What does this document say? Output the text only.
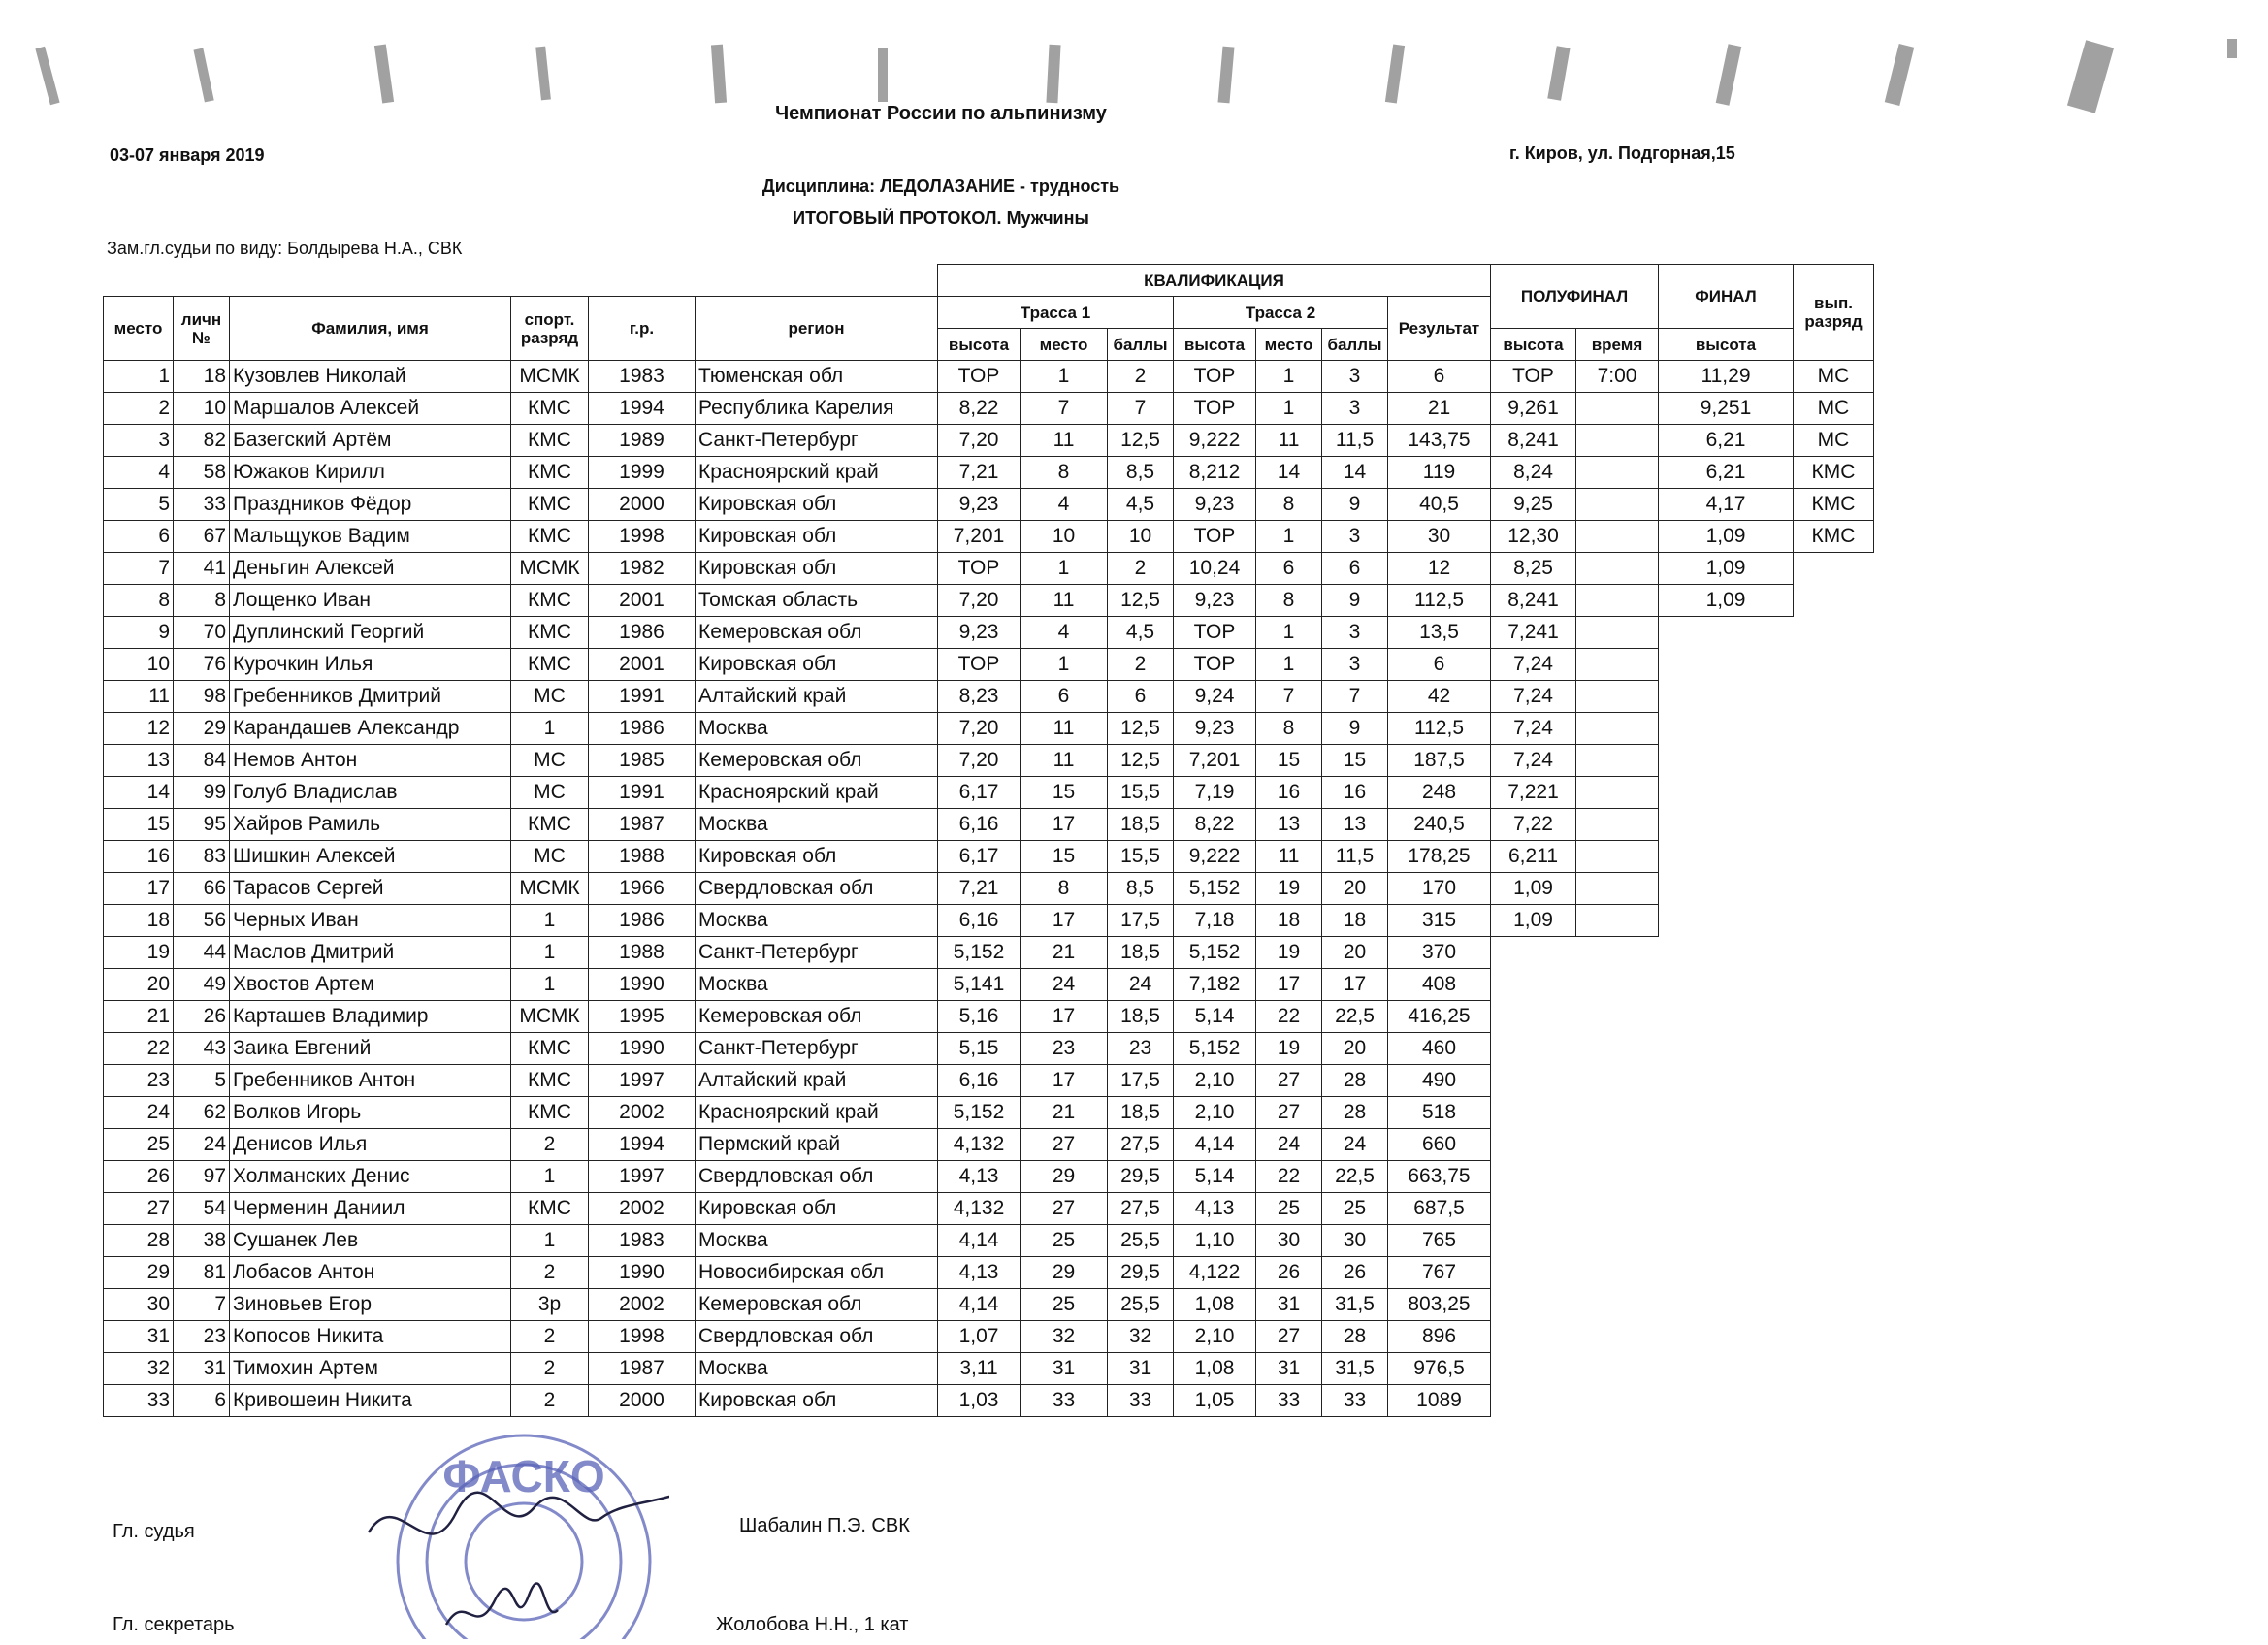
Чемпионат России по альпинизму
03-07 января 2019	г. Киров, ул. Подгорная,15
Дисциплина: ЛЕДОЛАЗАНИЕ - трудность
ИТОГОВЫЙ ПРОТОКОЛ. Мужчины
Зам.гл.судьи по виду: Болдырева Н.А., СВК
						КВАЛИФИКАЦИЯ							ПОЛУФИНАЛ		ФИНАЛ	вып. разряд
место	личн №	Фамилия, имя	спорт. разряд	г.р.	регион	Трасса 1			Трасса 2			Результат				
						высота	место	баллы	высота	место	баллы		высота	время	высота	
1	18	Кузовлев Николай	МСМК	1983	Тюменская обл	TOP	1	2	TOP	1	3	6	TOP	7:00	11,29	МС
2	10	Маршалов Алексей	КМС	1994	Республика Карелия	8,22	7	7	TOP	1	3	21	9,261		9,251	МС
3	82	Базегский Артём	КМС	1989	Санкт-Петербург	7,20	11	12,5	9,222	11	11,5	143,75	8,241		6,21	МС
4	58	Южаков Кирилл	КМС	1999	Красноярский край	7,21	8	8,5	8,212	14	14	119	8,24		6,21	КМС
5	33	Праздников Фёдор	КМС	2000	Кировская обл	9,23	4	4,5	9,23	8	9	40,5	9,25		4,17	КМС
6	67	Мальщуков Вадим	КМС	1998	Кировская обл	7,201	10	10	TOP	1	3	30	12,30		1,09	КМС
7	41	Деньгин Алексей	МСМК	1982	Кировская обл	TOP	1	2	10,24	6	6	12	8,25		1,09	
8	8	Лощенко Иван	КМС	2001	Томская область	7,20	11	12,5	9,23	8	9	112,5	8,241		1,09	
9	70	Дуплинский Георгий	КМС	1986	Кемеровская обл	9,23	4	4,5	TOP	1	3	13,5	7,241			
10	76	Курочкин Илья	КМС	2001	Кировская обл	TOP	1	2	TOP	1	3	6	7,24			
11	98	Гребенников Дмитрий	МС	1991	Алтайский край	8,23	6	6	9,24	7	7	42	7,24			
12	29	Карандашев Александр	1	1986	Москва	7,20	11	12,5	9,23	8	9	112,5	7,24			
13	84	Немов Антон	МС	1985	Кемеровская обл	7,20	11	12,5	7,201	15	15	187,5	7,24			
14	99	Голуб Владислав	МС	1991	Красноярский край	6,17	15	15,5	7,19	16	16	248	7,221			
15	95	Хайров Рамиль	КМС	1987	Москва	6,16	17	18,5	8,22	13	13	240,5	7,22			
16	83	Шишкин Алексей	МС	1988	Кировская обл	6,17	15	15,5	9,222	11	11,5	178,25	6,211			
17	66	Тарасов Сергей	МСМК	1966	Свердловская обл	7,21	8	8,5	5,152	19	20	170	1,09			
18	56	Черных Иван	1	1986	Москва	6,16	17	17,5	7,18	18	18	315	1,09			
19	44	Маслов Дмитрий	1	1988	Санкт-Петербург	5,152	21	18,5	5,152	19	20	370				
20	49	Хвостов Артем	1	1990	Москва	5,141	24	24	7,182	17	17	408				
21	26	Карташев Владимир	МСМК	1995	Кемеровская обл	5,16	17	18,5	5,14	22	22,5	416,25				
22	43	Заика Евгений	КМС	1990	Санкт-Петербург	5,15	23	23	5,152	19	20	460				
23	5	Гребенников Антон	КМС	1997	Алтайский край	6,16	17	17,5	2,10	27	28	490				
24	62	Волков Игорь	КМС	2002	Красноярский край	5,152	21	18,5	2,10	27	28	518				
25	24	Денисов Илья	2	1994	Пермский край	4,132	27	27,5	4,14	24	24	660				
26	97	Холманских Денис	1	1997	Свердловская обл	4,13	29	29,5	5,14	22	22,5	663,75				
27	54	Черменин Даниил	КМС	2002	Кировская обл	4,132	27	27,5	4,13	25	25	687,5				
28	38	Сушанек Лев	1	1983	Москва	4,14	25	25,5	1,10	30	30	765				
29	81	Лобасов Антон	2	1990	Новосибирская обл	4,13	29	29,5	4,122	26	26	767				
30	7	Зиновьев Егор	3р	2002	Кемеровская обл	4,14	25	25,5	1,08	31	31,5	803,25				
31	23	Копосов Никита	2	1998	Свердловская обл	1,07	32	32	2,10	27	28	896				
32	31	Тимохин Артем	2	1987	Москва	3,11	31	31	1,08	31	31,5	976,5				
33	6	Кривошеин Никита	2	2000	Кировская обл	1,03	33	33	1,05	33	33	1089				
Гл. судья	Шабалин П.Э. СВК
Гл. секретарь	Жолобова Н.Н., 1 кат
ФАСКО
